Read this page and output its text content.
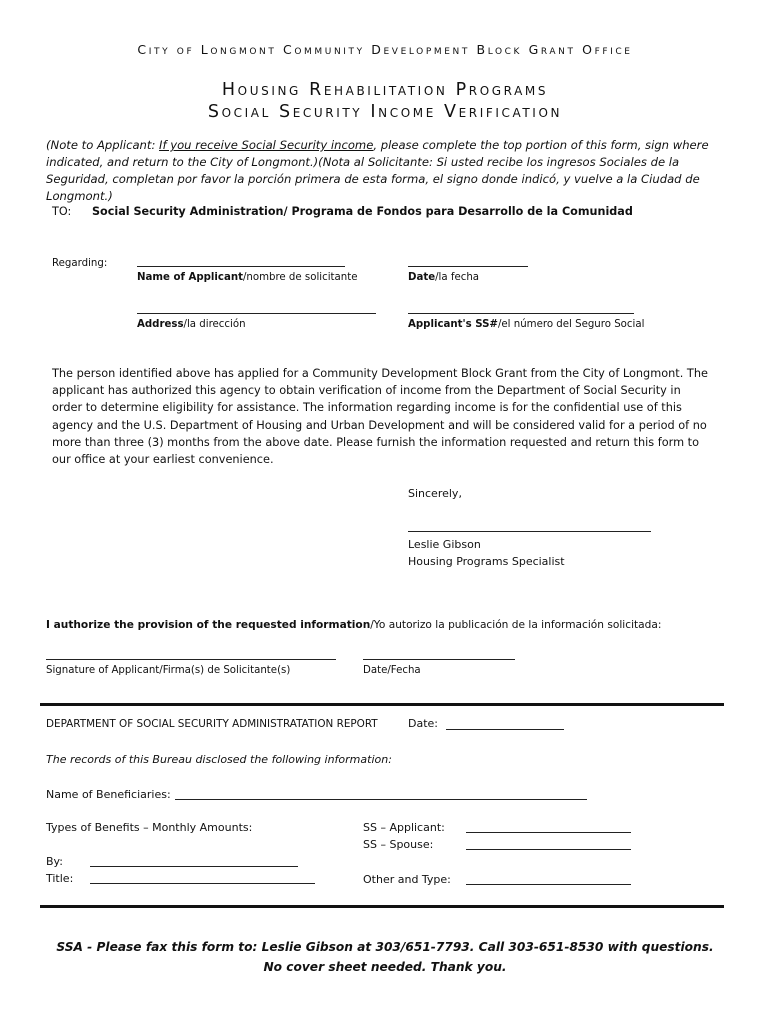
City of Longmont Community Development Block Grant Office
Housing Rehabilitation Programs
Social Security Income Verification
(Note to Applicant: If you receive Social Security income, please complete the top portion of this form, sign where indicated, and return to the City of Longmont.)(Nota al Solicitante: Si usted recibe los ingresos Sociales de la Seguridad, completan por favor la porción primera de esta forma, el signo donde indicó, y vuelve a la Ciudad de Longmont.)
TO: Social Security Administration/ Programa de Fondos para Desarrollo de la Comunidad
Regarding:
Name of Applicant/nombre de solicitante	Date/la fecha
Address/la dirección	Applicant's SS#/el número del Seguro Social
The person identified above has applied for a Community Development Block Grant from the City of Longmont. The applicant has authorized this agency to obtain verification of income from the Department of Social Security in order to determine eligibility for assistance. The information regarding income is for the confidential use of this agency and the U.S. Department of Housing and Urban Development and will be considered valid for a period of no more than three (3) months from the above date. Please furnish the information requested and return this form to our office at your earliest convenience.
Sincerely,
Leslie Gibson
Housing Programs Specialist
I authorize the provision of the requested information/Yo autorizo la publicación de la información solicitada:
Signature of Applicant/Firma(s) de Solicitante(s)	Date/Fecha
DEPARTMENT OF SOCIAL SECURITY ADMINISTRATATION REPORT	Date:
The records of this Bureau disclosed the following information:
Name of Beneficiaries:
Types of Benefits – Monthly Amounts:	SS – Applicant:
SS – Spouse:
By:
Title:	Other and Type:
SSA - Please fax this form to: Leslie Gibson at 303/651-7793. Call 303-651-8530 with questions.
No cover sheet needed. Thank you.
